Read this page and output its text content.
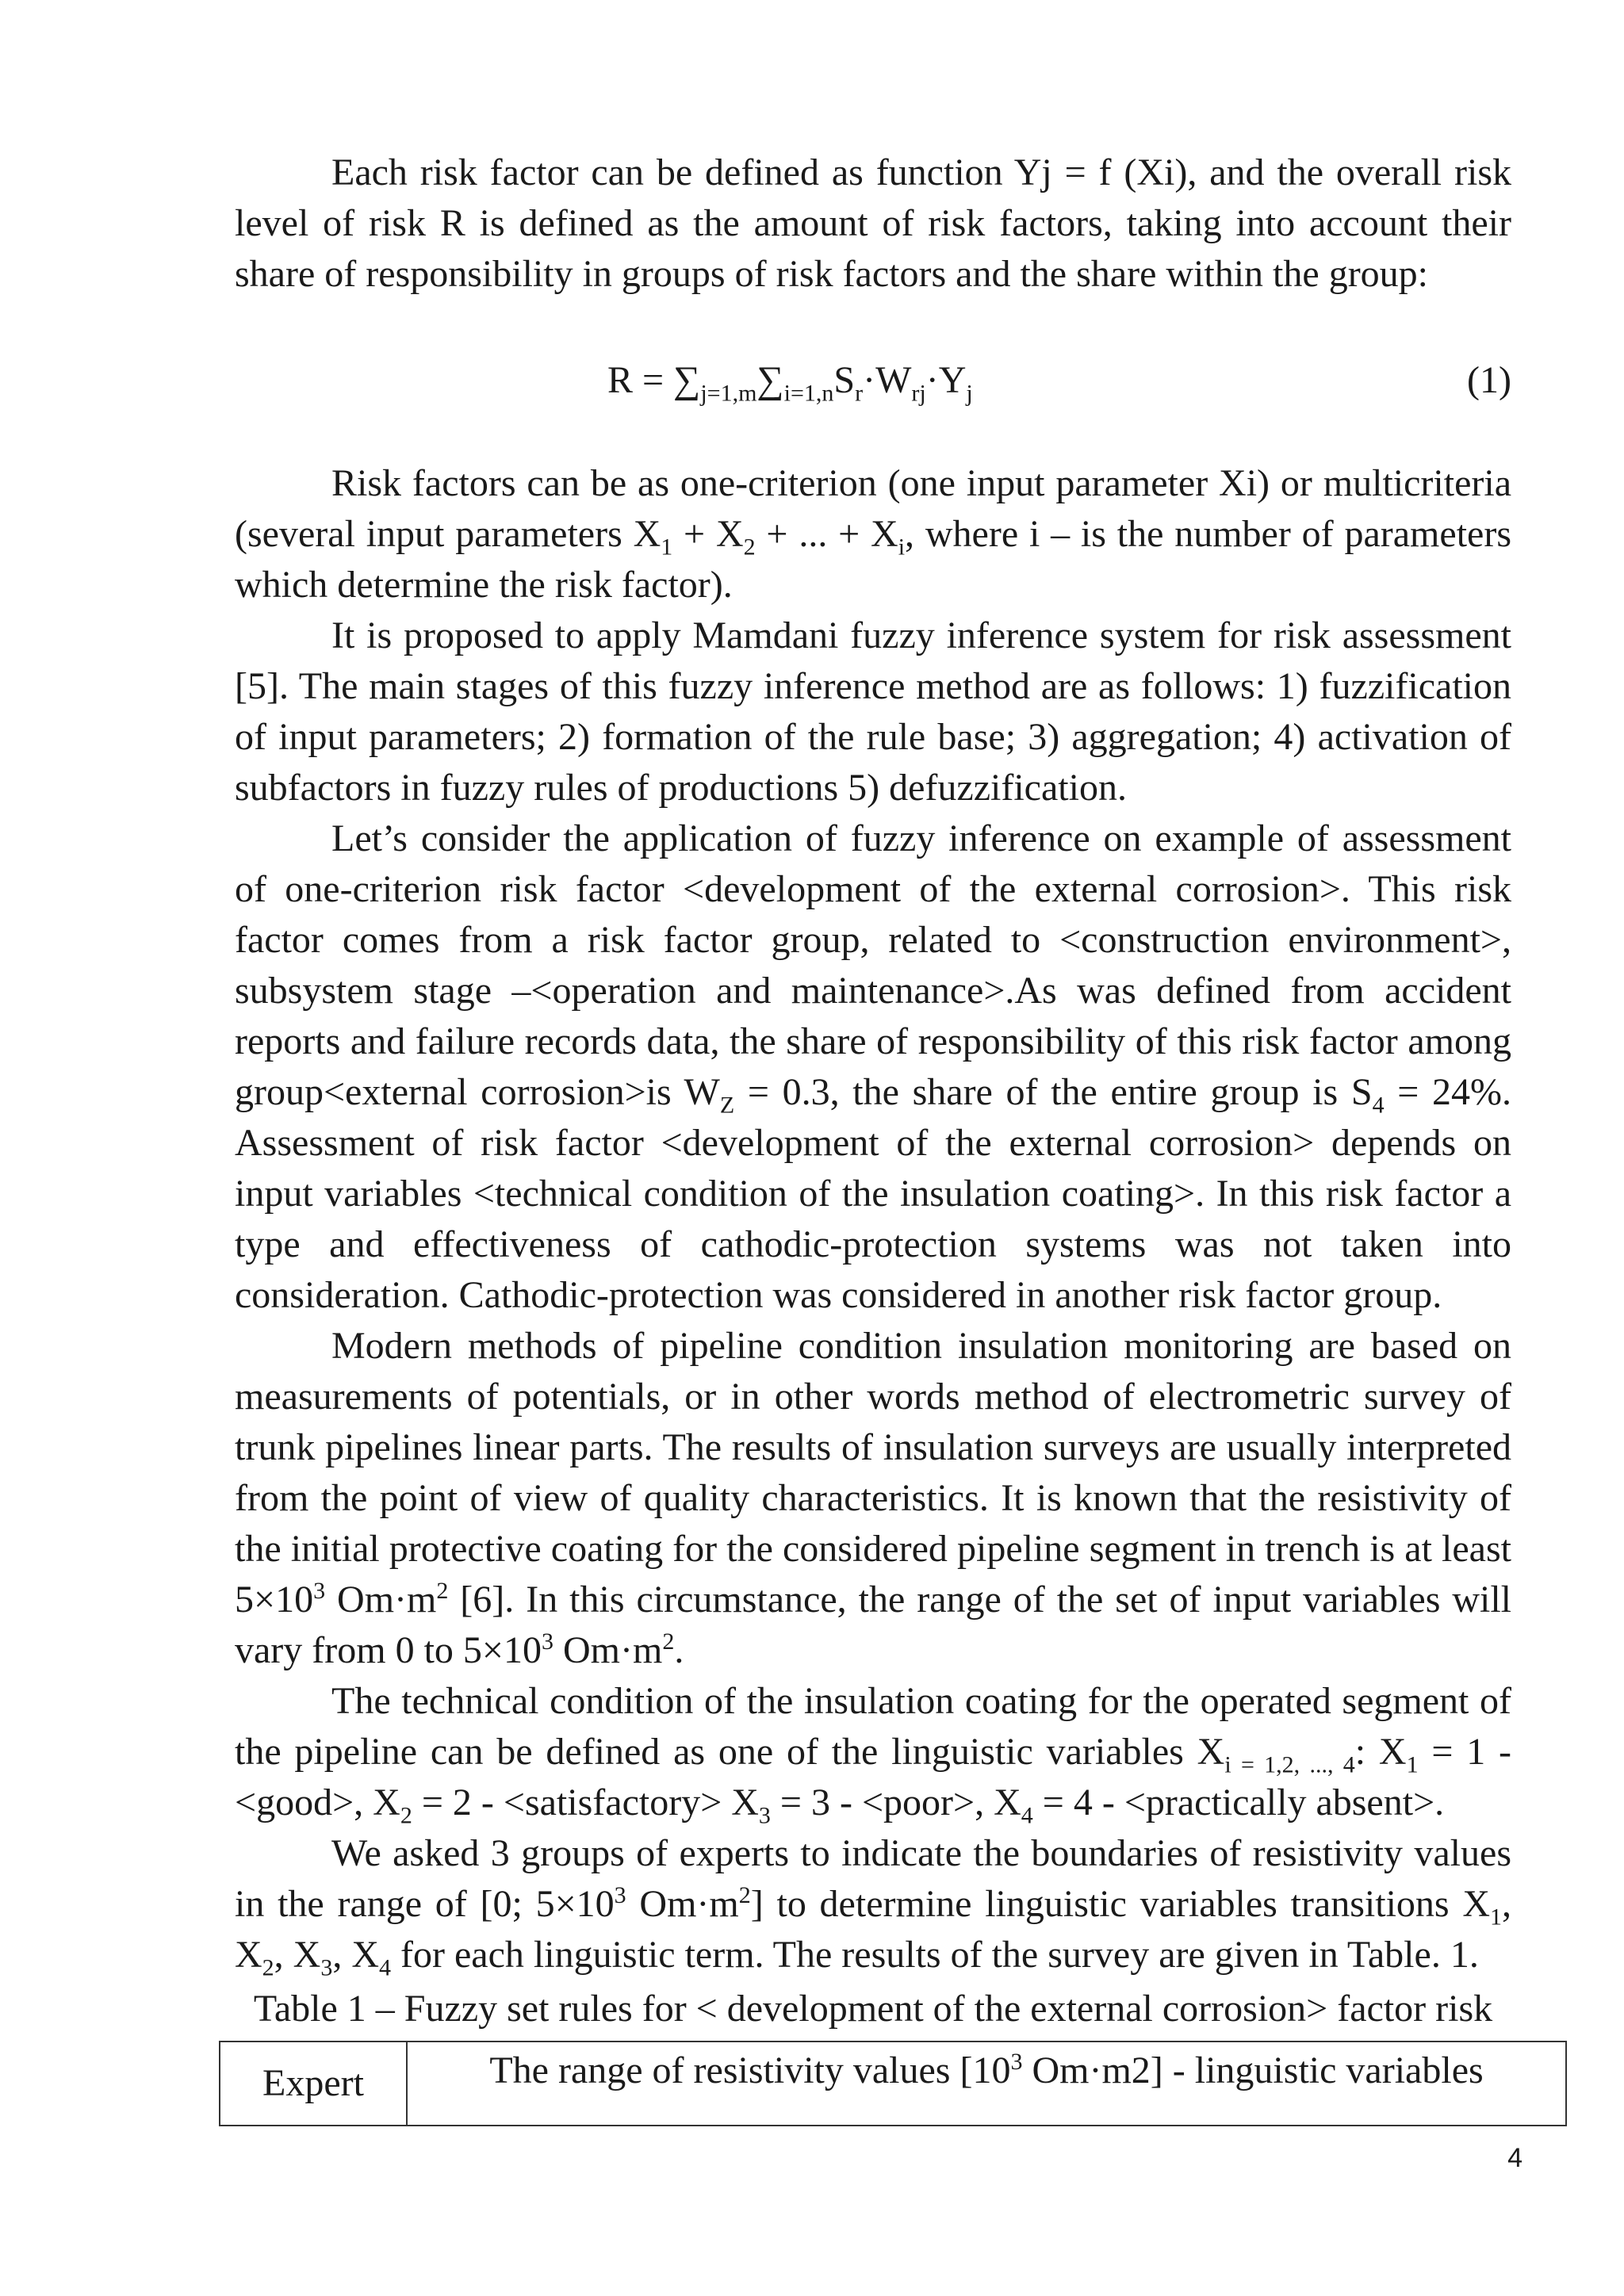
Each risk factor can be defined as function Yj = f (Xi), and the overall risk level of risk R is defined as the amount of risk factors, taking into account their share of responsibility in groups of risk factors and the share within the group:

$R = \sum_{j=1,m}\sum_{i=1,n}S_r\cdot W_{rj}\cdot Y_j$	(1)

Risk factors can be as one-criterion (one input parameter Xi) or multicriteria (several input parameters $X_1 + X_2$ + ... + $X_i$, where i – is the number of parameters which determine the risk factor).

It is proposed to apply Mamdani fuzzy inference system for risk assessment [5]. The main stages of this fuzzy inference method are as follows: 1) fuzzification of input parameters; 2) formation of the rule base; 3) aggregation; 4) activation of subfactors in fuzzy rules of productions 5) defuzzification.

Let’s consider the application of fuzzy inference on example of assessment of one-criterion risk factor <development of the external corrosion>. This risk factor comes from a risk factor group, related to <construction environment>, subsystem stage –<operation and maintenance>.As was defined from accident reports and failure records data, the share of responsibility of this risk factor among group<external corrosion>is $W_Z = 0.3$, the share of the entire group is $S_4 = 24\%$. Assessment of risk factor <development of the external corrosion> depends on input variables <technical condition of the insulation coating>. In this risk factor a type and effectiveness of cathodic-protection systems was not taken into consideration. Cathodic-protection was considered in another risk factor group.

Modern methods of pipeline condition insulation monitoring are based on measurements of potentials, or in other words method of electrometric survey of trunk pipelines linear parts. The results of insulation surveys are usually interpreted from the point of view of quality characteristics. It is known that the resistivity of the initial protective coating for the considered pipeline segment in trench is at least $5\times 10^3$ $Om\cdot m^2$ [6]. In this circumstance, the range of the set of input variables will vary from 0 to $5\times 10^3$ $Om\cdot m^2$.

The technical condition of the insulation coating for the operated segment of the pipeline can be defined as one of the linguistic variables $X_{i = 1,2, ..., 4}$: $X_1 = 1$ - <good>, $X_2 = 2$ - <satisfactory> $X_3 = 3$ - <poor>, $X_4 = 4$ - <practically absent>.

We asked 3 groups of experts to indicate the boundaries of resistivity values in the range of [0; $5\times 10^3$ $Om\cdot m^2$] to determine linguistic variables transitions $X_1$, $X_2$, $X_3$, $X_4$ for each linguistic term. The results of the survey are given in Table. 1.

Table 1 – Fuzzy set rules for < development of the external corrosion> factor risk
Expert	The range of resistivity values [$10^3$ Om·m2] - linguistic variables
4
